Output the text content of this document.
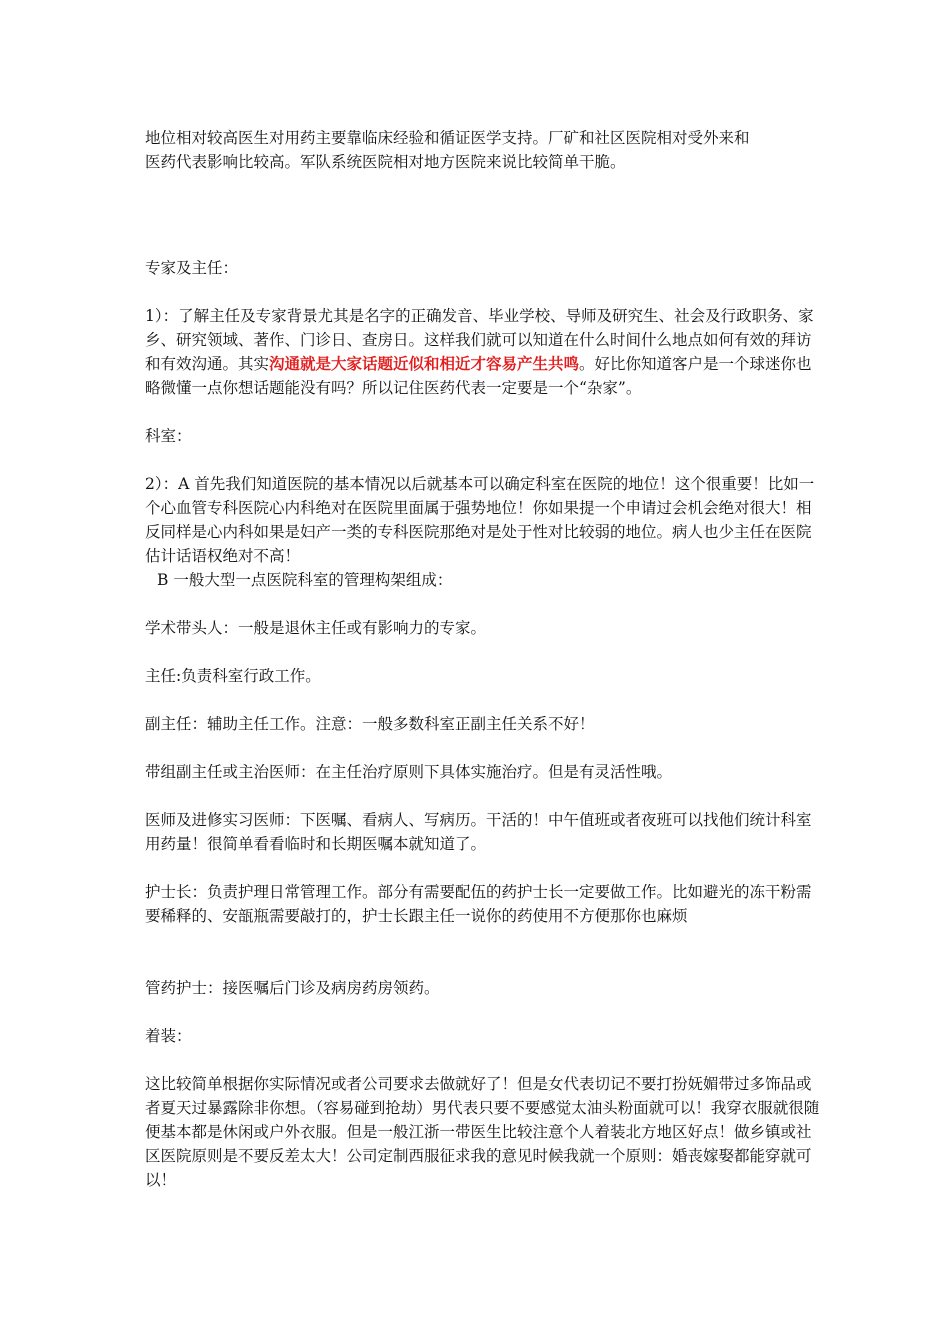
地位相对较高医生对用药主要靠临床经验和循证医学支持。厂矿和社区医院相对受外来和
医药代表影响比较高。军队系统医院相对地方医院来说比较简单干脆。

专家及主任：

1）：了解主任及专家背景尤其是名字的正确发音、毕业学校、导师及研究生、社会及行政职务、家乡、研究领域、著作、门诊日、查房日。这样我们就可以知道在什么时间什么地点如何有效的拜访和有效沟通。其实沟通就是大家话题近似和相近才容易产生共鸣。好比你知道客户是一个球迷你也略微懂一点你想话题能没有吗？所以记住医药代表一定要是一个“杂家”。

科室：

2）：A 首先我们知道医院的基本情况以后就基本可以确定科室在医院的地位！这个很重要！比如一个心血管专科医院心内科绝对在医院里面属于强势地位！你如果提一个申请过会机会绝对很大！相反同样是心内科如果是妇产一类的专科医院那绝对是处于性对比较弱的地位。病人也少主任在医院估计话语权绝对不高！

B 一般大型一点医院科室的管理构架组成：

学术带头人：一般是退休主任或有影响力的专家。

主任:负责科室行政工作。

副主任：辅助主任工作。注意：一般多数科室正副主任关系不好！

带组副主任或主治医师：在主任治疗原则下具体实施治疗。但是有灵活性哦。

医师及进修实习医师：下医嘱、看病人、写病历。干活的！中午值班或者夜班可以找他们统计科室用药量！很简单看看临时和长期医嘱本就知道了。

护士长：负责护理日常管理工作。部分有需要配伍的药护士长一定要做工作。比如避光的冻干粉需要稀释的、安瓿瓶需要敲打的，护士长跟主任一说你的药使用不方便那你也麻烦

管药护士：接医嘱后门诊及病房药房领药。

着装：

这比较简单根据你实际情况或者公司要求去做就好了！但是女代表切记不要打扮妩媚带过多饰品或者夏天过暴露除非你想。（容易碰到抢劫）男代表只要不要感觉太油头粉面就可以！我穿衣服就很随便基本都是休闲或户外衣服。但是一般江浙一带医生比较注意个人着装北方地区好点！做乡镇或社区医院原则是不要反差太大！公司定制西服征求我的意见时候我就一个原则：婚丧嫁娶都能穿就可以！
